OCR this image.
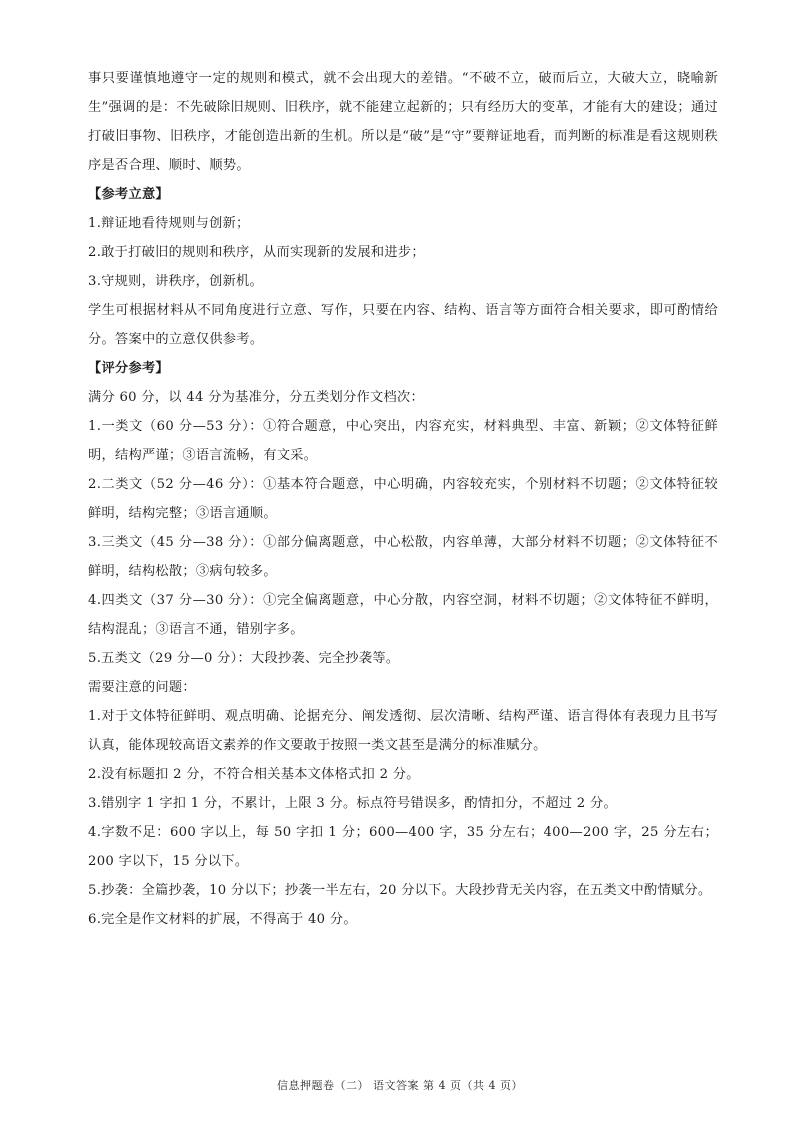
事只要谨慎地遵守一定的规则和模式，就不会出现大的差错。“不破不立，破而后立，大破大立，晓喻新生”强调的是：不先破除旧规则、旧秩序，就不能建立起新的；只有经历大的变革，才能有大的建设；通过打破旧事物、旧秩序，才能创造出新的生机。所以是“破”是“守”要辩证地看，而判断的标准是看这规则秩序是否合理、顺时、顺势。

【参考立意】

1.辩证地看待规则与创新；

2.敢于打破旧的规则和秩序，从而实现新的发展和进步；

3.守规则，讲秩序，创新机。

学生可根据材料从不同角度进行立意、写作，只要在内容、结构、语言等方面符合相关要求，即可酌情给分。答案中的立意仅供参考。

【评分参考】

满分 60 分，以 44 分为基准分，分五类划分作文档次：

1.一类文（60 分—53 分）：①符合题意，中心突出，内容充实，材料典型、丰富、新颖；②文体特征鲜明，结构严谨；③语言流畅，有文采。

2.二类文（52 分—46 分）：①基本符合题意，中心明确，内容较充实，个别材料不切题；②文体特征较鲜明，结构完整；③语言通顺。

3.三类文（45 分—38 分）：①部分偏离题意，中心松散，内容单薄，大部分材料不切题；②文体特征不鲜明，结构松散；③病句较多。

4.四类文（37 分—30 分）：①完全偏离题意，中心分散，内容空洞，材料不切题；②文体特征不鲜明，结构混乱；③语言不通，错别字多。

5.五类文（29 分—0 分）：大段抄袭、完全抄袭等。

需要注意的问题：

1.对于文体特征鲜明、观点明确、论据充分、阐发透彻、层次清晰、结构严谨、语言得体有表现力且书写认真，能体现较高语文素养的作文要敢于按照一类文甚至是满分的标准赋分。

2.没有标题扣 2 分，不符合相关基本文体格式扣 2 分。

3.错别字 1 字扣 1 分，不累计，上限 3 分。标点符号错误多，酌情扣分，不超过 2 分。

4.字数不足：600 字以上，每 50 字扣 1 分；600—400 字，35 分左右；400—200 字，25 分左右；200 字以下，15 分以下。

5.抄袭：全篇抄袭，10 分以下；抄袭一半左右，20 分以下。大段抄背无关内容，在五类文中酌情赋分。

6.完全是作文材料的扩展，不得高于 40 分。

信息押题卷（二） 语文答案 第 4 页（共 4 页）
